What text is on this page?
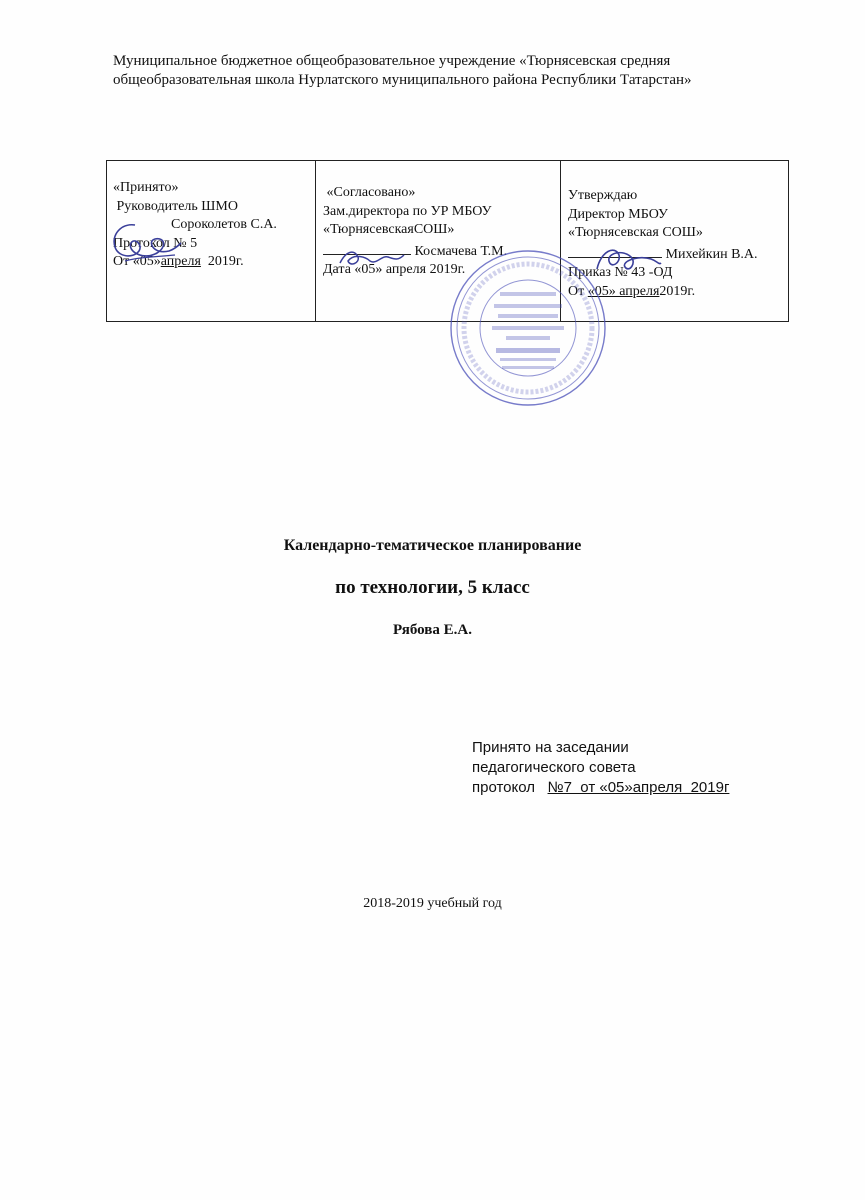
Муниципальное бюджетное общеобразовательное учреждение «Тюрнясевская средняя
общеобразовательная школа Нурлатского муниципального района Республики Татарстан»
«Принято»
Руководитель ШМО
Сороколетов С.А.
Протокол № 5
От «05»апреля  2019г.

«Согласовано»
Зам.директора по УР МБОУ
«ТюрнясевскаяСОШ»
Космачева Т.М.
Дата «05» апреля 2019г.

Утверждаю
Директор МБОУ
«Тюрнясевская СОШ»
Михейкин В.А.
Приказ № 43 -ОД
От «05» апреля2019г.
Календарно-тематическое планирование
по технологии, 5 класс
Рябова Е.А.
Принято на заседании
педагогического совета
протокол   №7  от «05»апреля  2019г
2018-2019 учебный год
